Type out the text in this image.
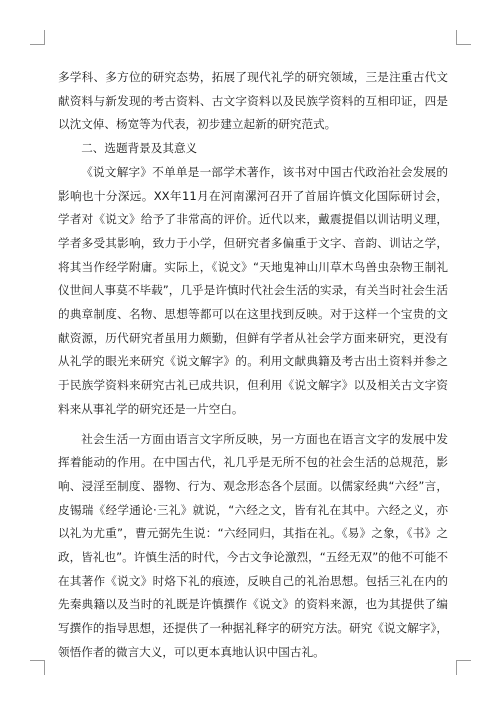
多学科、多方位的研究态势，拓展了现代礼学的研究领域，三是注重古代文献资料与新发现的考古资料、古文字资料以及民族学资料的互相印证，四是以沈文倬、杨宽等为代表，初步建立起新的研究范式。

二、选题背景及其意义

《说文解字》不单单是一部学术著作，该书对中国古代政治社会发展的影响也十分深远。XX年11月在河南漯河召开了首届许慎文化国际研讨会，学者对《说文》给予了非常高的评价。近代以来，戴震提倡以训诂明义理，学者多受其影响，致力于小学，但研究者多偏重于文字、音韵、训诂之学，将其当作经学附庸。实际上，《说文》“天地鬼神山川草木鸟兽虫杂物王制礼仪世间人事莫不毕载”，几乎是许慎时代社会生活的实录，有关当时社会生活的典章制度、名物、思想等都可以在这里找到反映。对于这样一个宝贵的文献资源，历代研究者虽用力颇勤，但鲜有学者从社会学方面来研究，更没有从礼学的眼光来研究《说文解字》的。利用文献典籍及考古出土资料并参之于民族学资料来研究古礼已成共识，但利用《说文解字》以及相关古文字资料来从事礼学的研究还是一片空白。

社会生活一方面由语言文字所反映，另一方面也在语言文字的发展中发挥着能动的作用。在中国古代，礼几乎是无所不包的社会生活的总规范，影响、浸淫至制度、器物、行为、观念形态各个层面。以儒家经典“六经”言，皮锡瑞《经学通论·三礼》就说，“六经之文，皆有礼在其中。六经之义，亦以礼为尤重”，曹元弼先生说：“六经同归，其指在礼。《易》之象，《书》之政，皆礼也”。许慎生活的时代，今古文争论激烈，“五经无双”的他不可能不在其著作《说文》时烙下礼的痕迹，反映自己的礼治思想。包括三礼在内的先秦典籍以及当时的礼既是许慎撰作《说文》的资料来源，也为其提供了编写撰作的指导思想，还提供了一种据礼释字的研究方法。研究《说文解字》，领悟作者的微言大义，可以更本真地认识中国古礼。
